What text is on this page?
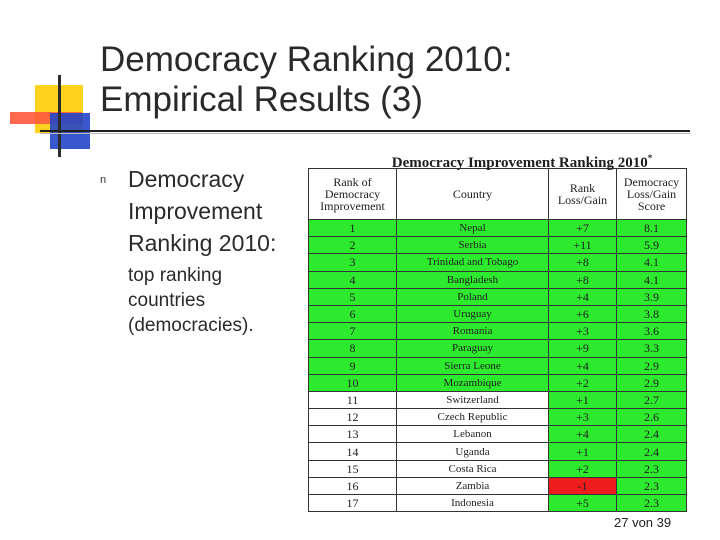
Democracy Ranking 2010:
Empirical Results (3)
n Democracy Improvement Ranking 2010:
top ranking countries (democracies).
Democracy Improvement Ranking 2010*
Rank of Democracy Improvement	Country	Rank Loss/Gain	Democracy Loss/Gain Score
1	Nepal	+7	8.1
2	Serbia	+11	5.9
3	Trinidad and Tobago	+8	4.1
4	Bangladesh	+8	4.1
5	Poland	+4	3.9
6	Uruguay	+6	3.8
7	Romania	+3	3.6
8	Paraguay	+9	3.3
9	Sierra Leone	+4	2.9
10	Mozambique	+2	2.9
11	Switzerland	+1	2.7
12	Czech Republic	+3	2.6
13	Lebanon	+4	2.4
14	Uganda	+1	2.4
15	Costa Rica	+2	2.3
16	Zambia	-1	2.3
17	Indonesia	+5	2.3
27 von 39
